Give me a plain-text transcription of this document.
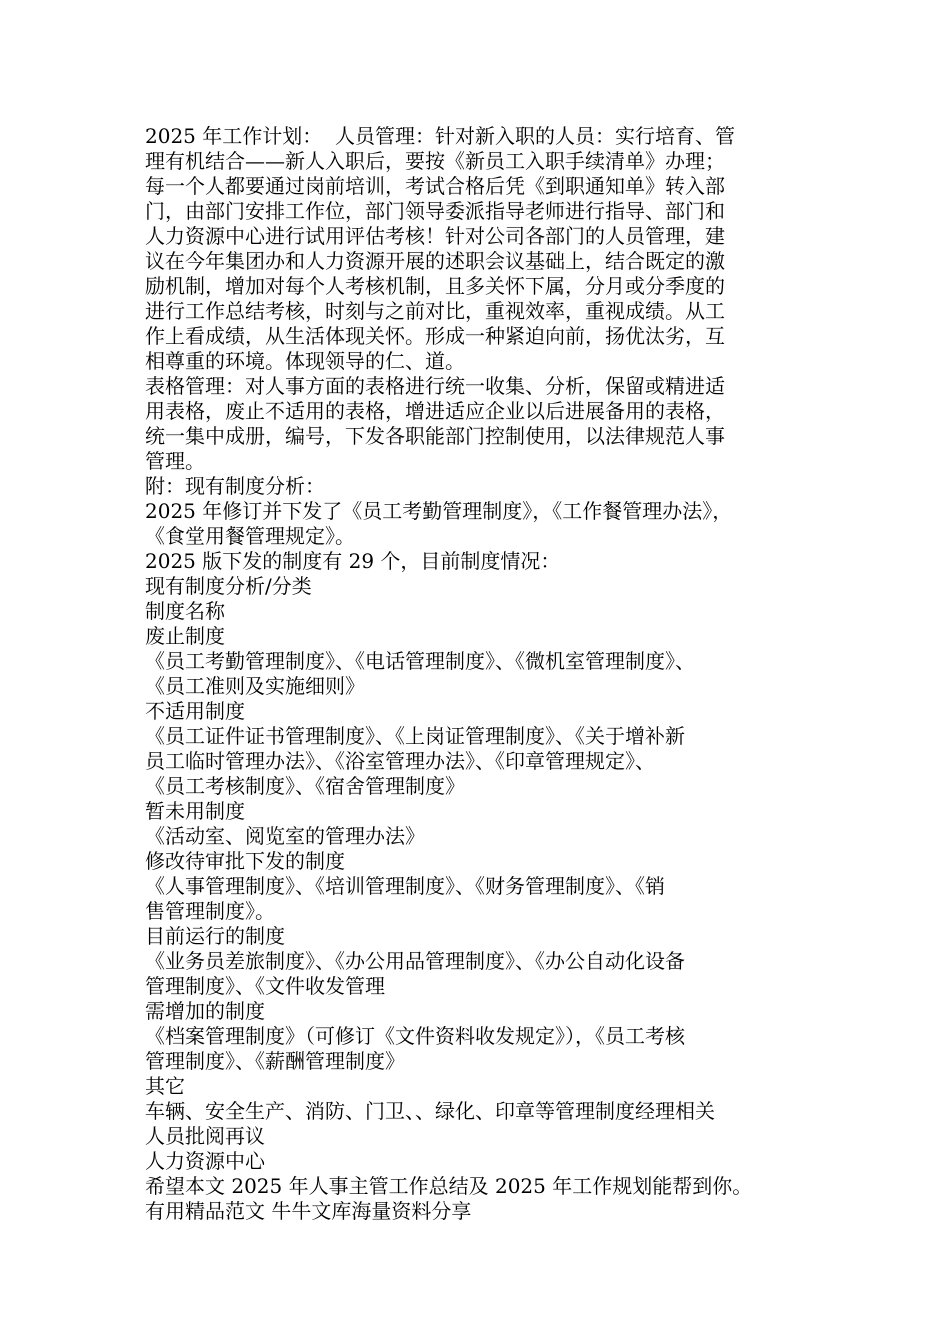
2025 年工作计划：  人员管理：针对新入职的人员：实行培育、管
理有机结合——新人入职后，要按《新员工入职手续清单》办理；
每一个人都要通过岗前培训，考试合格后凭《到职通知单》转入部
门，由部门安排工作位，部门领导委派指导老师进行指导、部门和
人力资源中心进行试用评估考核！针对公司各部门的人员管理，建
议在今年集团办和人力资源开展的述职会议基础上，结合既定的激
励机制，增加对每个人考核机制，且多关怀下属，分月或分季度的
进行工作总结考核，时刻与之前对比，重视效率，重视成绩。从工
作上看成绩，从生活体现关怀。形成一种紧迫向前，扬优汰劣，互
相尊重的环境。体现领导的仁、道。
表格管理：对人事方面的表格进行统一收集、分析，保留或精进适
用表格，废止不适用的表格，增进适应企业以后进展备用的表格，
统一集中成册，编号，下发各职能部门控制使用，以法律规范人事
管理。
附：现有制度分析：
2025 年修订并下发了《员工考勤管理制度》，《工作餐管理办法》，
《食堂用餐管理规定》。
2025 版下发的制度有 29 个，目前制度情况：
现有制度分析/分类
制度名称
废止制度
《员工考勤管理制度》、《电话管理制度》、《微机室管理制度》、
《员工准则及实施细则》
不适用制度
《员工证件证书管理制度》、《上岗证管理制度》、《关于增补新
员工临时管理办法》、《浴室管理办法》、《印章管理规定》、
《员工考核制度》、《宿舍管理制度》
暂未用制度
《活动室、阅览室的管理办法》
修改待审批下发的制度
《人事管理制度》、《培训管理制度》、《财务管理制度》、《销
售管理制度》。
目前运行的制度
《业务员差旅制度》、《办公用品管理制度》、《办公自动化设备
管理制度》、《文件收发管理
需增加的制度
《档案管理制度》（可修订《文件资料收发规定》），《员工考核
管理制度》、《薪酬管理制度》
其它
车辆、安全生产、消防、门卫、、绿化、印章等管理制度经理相关
人员批阅再议
人力资源中心
希望本文 2025 年人事主管工作总结及 2025 年工作规划能帮到你。
有用精品范文 牛牛文库海量资料分享
